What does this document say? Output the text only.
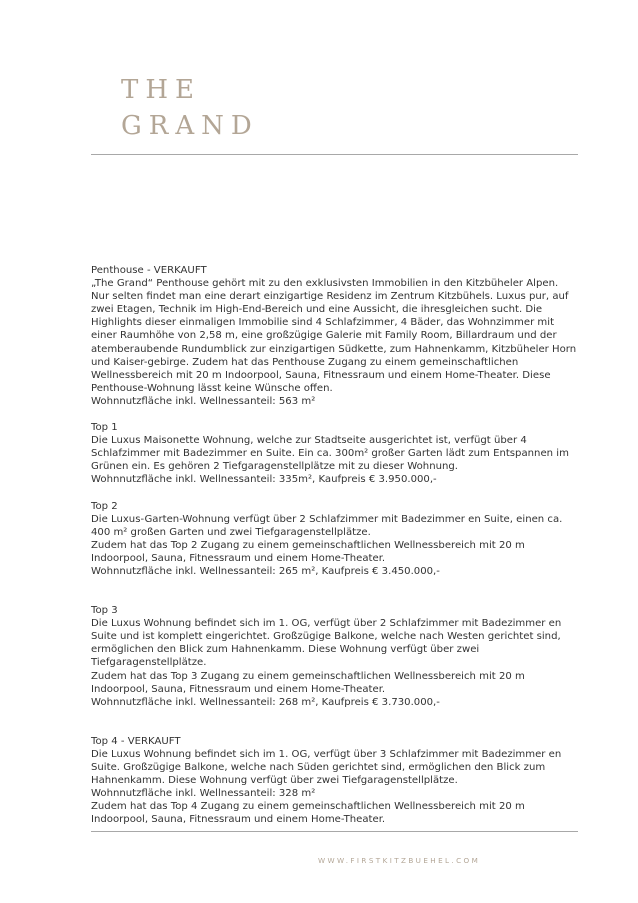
THE
GRAND

Penthouse - VERKAUFT

„The Grand“ Penthouse gehört mit zu den exklusivsten Immobilien in den Kitzbüheler Alpen.

Nur selten findet man eine derart einzigartige Residenz im Zentrum Kitzbühels. Luxus pur, auf zwei Etagen, Technik im High-End-Bereich und eine Aussicht, die ihresgleichen sucht. Die Highlights dieser einmaligen Immobilie sind 4 Schlafzimmer, 4 Bäder, das Wohnzimmer mit einer Raumhöhe von 2,58 m, eine großzügige Galerie mit Family Room, Billardraum und der atemberaubende Rundumblick zur einzigartigen Südkette, zum Hahnenkamm, Kitzbüheler Horn und Kaiser-gebirge. Zudem hat das Penthouse Zugang zu einem gemeinschaftlichen Wellnessbereich mit 20 m Indoorpool, Sauna, Fitnessraum und einem Home-Theater. Diese Penthouse-Wohnung lässt keine Wünsche offen.

Wohnnutzfläche inkl. Wellnessanteil: 563 m²

Top 1

Die Luxus Maisonette Wohnung, welche zur Stadtseite ausgerichtet ist, verfügt über 4 Schlafzimmer mit Badezimmer en Suite. Ein ca. 300m² großer Garten lädt zum Entspannen im Grünen ein. Es gehören 2 Tiefgaragenstellplätze mit zu dieser Wohnung.

Wohnnutzfläche inkl. Wellnessanteil: 335m², Kaufpreis € 3.950.000,-

Top 2

Die Luxus-Garten-Wohnung verfügt über 2 Schlafzimmer mit Badezimmer en Suite, einen ca. 400 m² großen Garten und zwei Tiefgaragenstellplätze.

Zudem hat das Top 2 Zugang zu einem gemeinschaftlichen Wellnessbereich mit 20 m Indoorpool, Sauna, Fitnessraum und einem Home-Theater.

Wohnnutzfläche inkl. Wellnessanteil: 265 m², Kaufpreis € 3.450.000,-

Top 3

Die Luxus Wohnung befindet sich im 1. OG, verfügt über 2 Schlafzimmer mit Badezimmer en Suite und ist komplett eingerichtet. Großzügige Balkone, welche nach Westen gerichtet sind, ermöglichen den Blick zum Hahnenkamm. Diese Wohnung verfügt über zwei Tiefgaragenstellplätze.

Zudem hat das Top 3 Zugang zu einem gemeinschaftlichen Wellnessbereich mit 20 m Indoorpool, Sauna, Fitnessraum und einem Home-Theater.

Wohnnutzfläche inkl. Wellnessanteil: 268 m², Kaufpreis € 3.730.000,-

Top 4 - VERKAUFT

Die Luxus Wohnung befindet sich im 1. OG, verfügt über 3 Schlafzimmer mit Badezimmer en Suite. Großzügige Balkone, welche nach Süden gerichtet sind, ermöglichen den Blick zum Hahnenkamm. Diese Wohnung verfügt über zwei Tiefgaragenstellplätze.

Wohnnutzfläche inkl. Wellnessanteil: 328 m²

Zudem hat das Top 4 Zugang zu einem gemeinschaftlichen Wellnessbereich mit 20 m Indoorpool, Sauna, Fitnessraum und einem Home-Theater.

WWW.FIRSTKITZBUEHEL.COM
